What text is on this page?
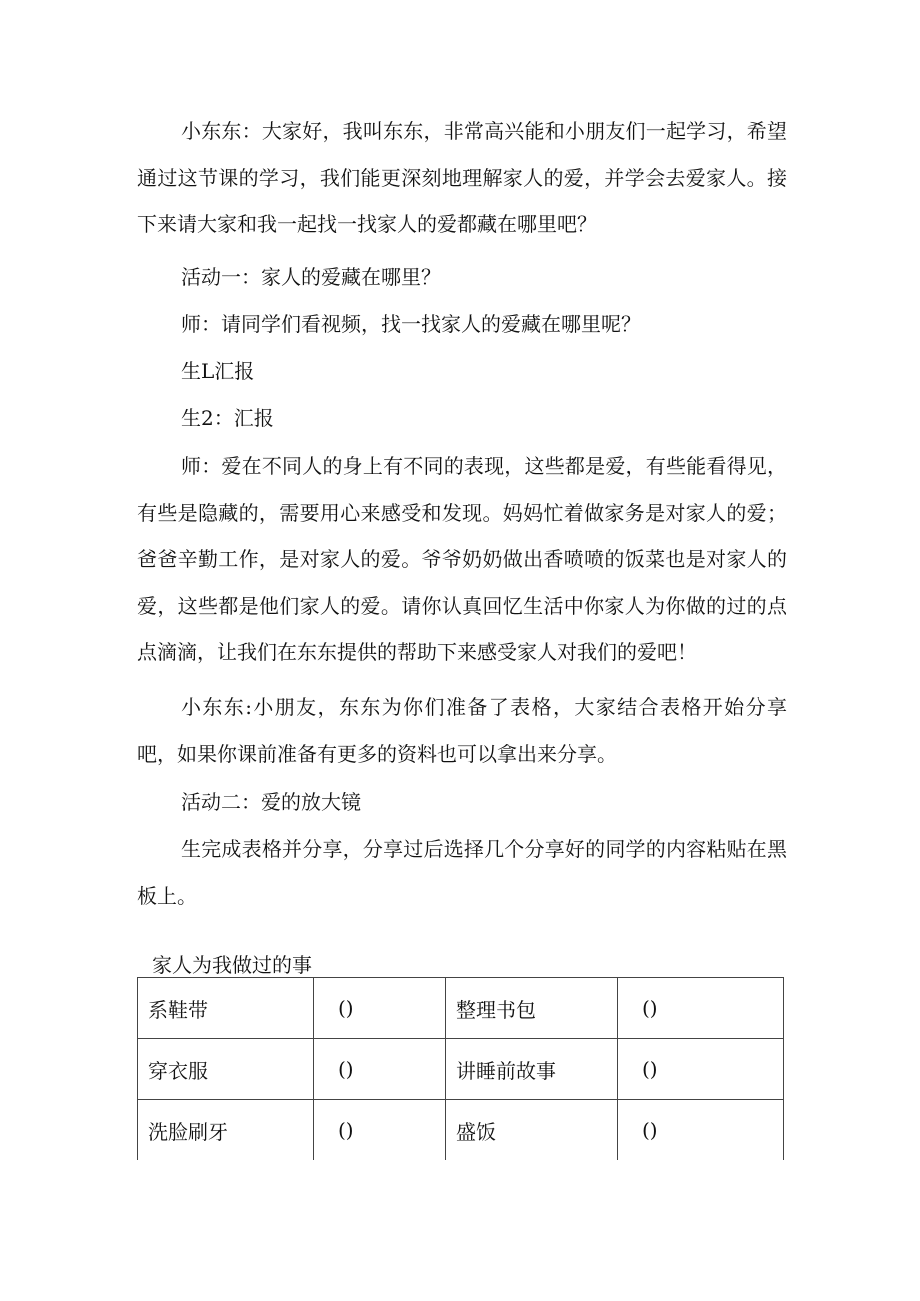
小东东：大家好，我叫东东，非常高兴能和小朋友们一起学习，希望通过这节课的学习，我们能更深刻地理解家人的爱，并学会去爱家人。接下来请大家和我一起找一找家人的爱都藏在哪里吧？

活动一：家人的爱藏在哪里？

师：请同学们看视频，找一找家人的爱藏在哪里呢？

生L汇报

生2：汇报

师：爱在不同人的身上有不同的表现，这些都是爱，有些能看得见，有些是隐藏的，需要用心来感受和发现。妈妈忙着做家务是对家人的爱；爸爸辛勤工作，是对家人的爱。爷爷奶奶做出香喷喷的饭菜也是对家人的爱，这些都是他们家人的爱。请你认真回忆生活中你家人为你做的过的点点滴滴，让我们在东东提供的帮助下来感受家人对我们的爱吧！

小东东:小朋友，东东为你们准备了表格，大家结合表格开始分享吧，如果你课前准备有更多的资料也可以拿出来分享。

活动二：爱的放大镜

生完成表格并分享，分享过后选择几个分享好的同学的内容粘贴在黑板上。

家人为我做过的事

系鞋带	()	整理书包	()
穿衣服	()	讲睡前故事	()
洗脸刷牙	()	盛饭	()
